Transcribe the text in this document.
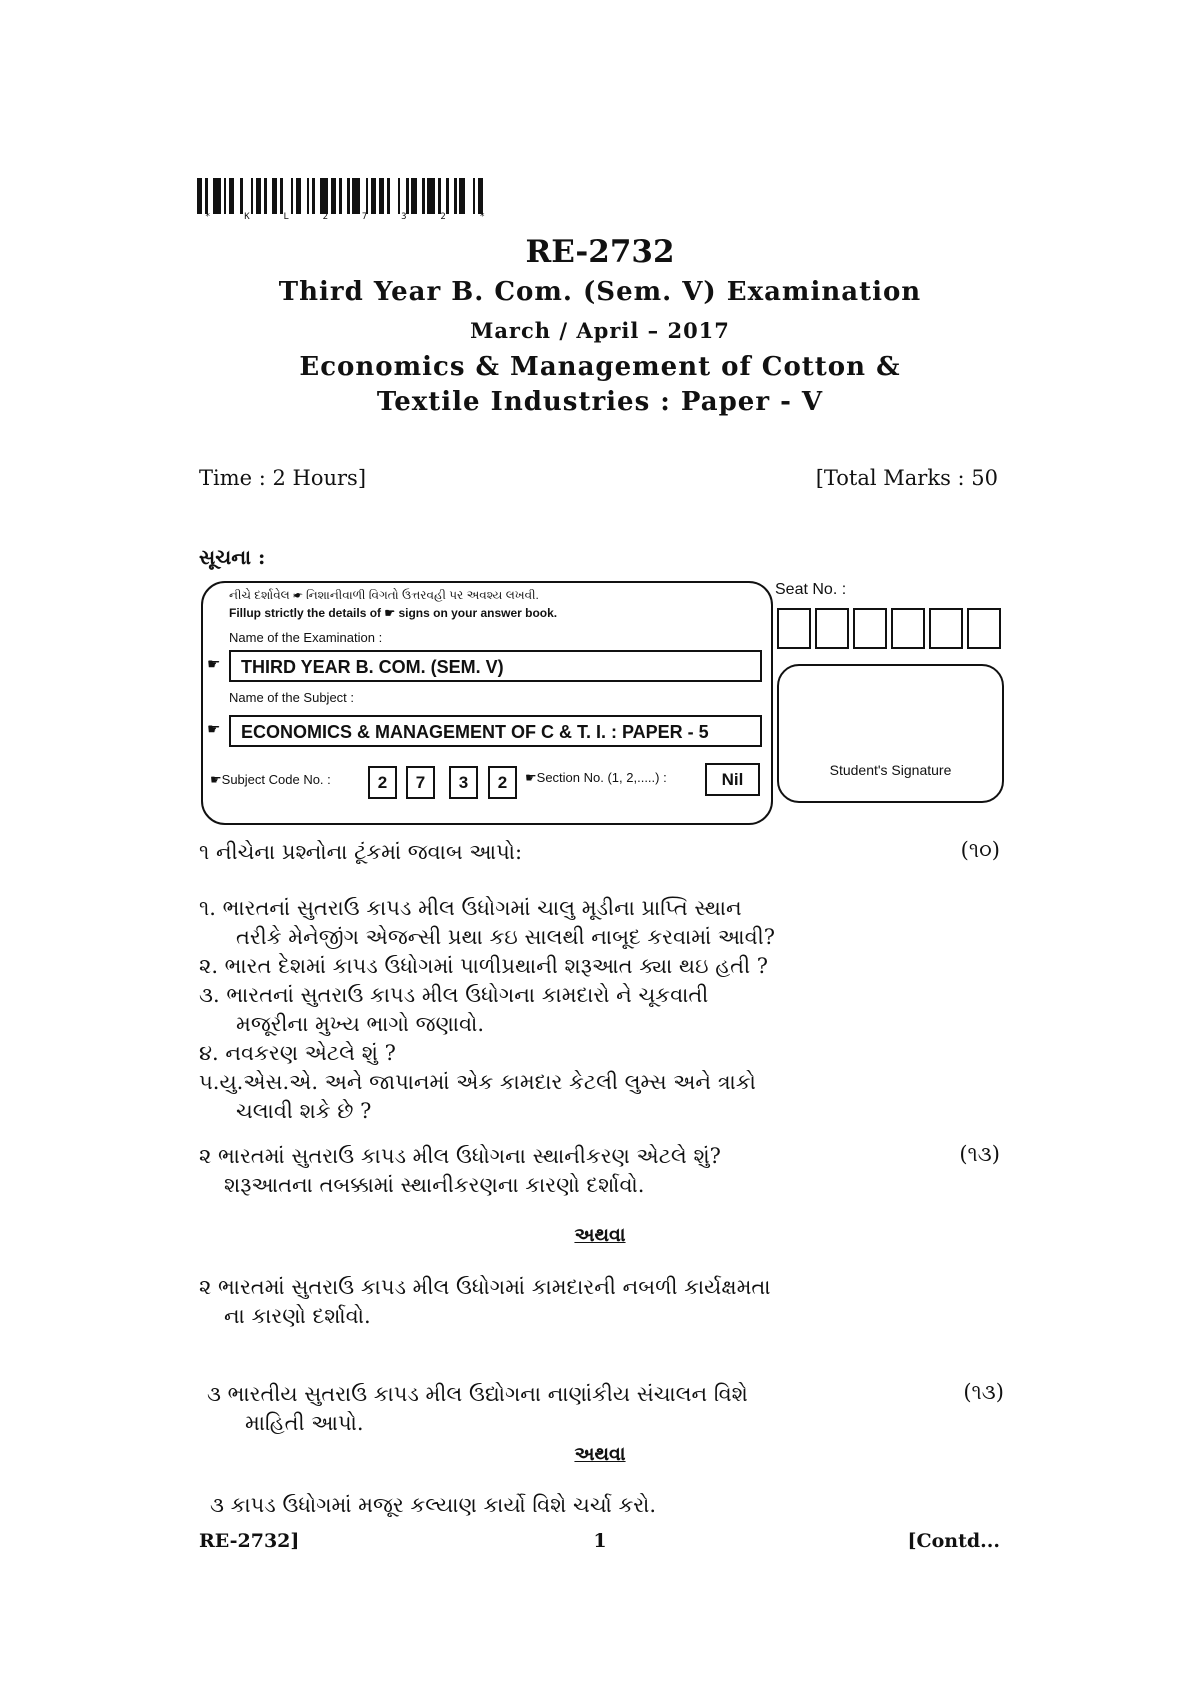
*	K	L	2	7	3	2	*
RE-2732
Third Year B. Com. (Sem. V) Examination
March / April – 2017
Economics & Management of Cotton &
Textile Industries : Paper - V
Time : 2 Hours]	[Total Marks : 50
સૂચના :
નીચે દર્શાવેલ ☛ નિશાનીવાળી વિગતો ઉત્તરવહી પર અવશ્ય લખવી.
Fillup strictly the details of ☛ signs on your answer book.
Name of the Examination :
☛	THIRD YEAR B. COM. (SEM. V)
Name of the Subject :
☛	ECONOMICS & MANAGEMENT OF C & T. I. : PAPER - 5
☛Subject Code No. :	2	7	3	2	☛Section No. (1, 2,.....) :	Nil
Seat No. :
Student's Signature
૧ નીચેના પ્રશ્નોના ટૂંકમાં જવાબ આપો:	(૧૦)
૧. ભારતનાં સુતરાઉ કાપડ મીલ ઉધોગમાં ચાલુ મૂડીના પ્રાપ્તિ સ્થાન
તરીકે મેનેજીંગ એજન્સી પ્રથા કઇ સાલથી નાબૂદ કરવામાં આવી?
૨. ભારત દેશમાં કાપડ ઉધોગમાં પાળીપ્રથાની શરૂઆત ક્યા થઇ હતી ?
૩. ભારતનાં સુતરાઉ કાપડ મીલ ઉધોગના કામદારો ને ચૂકવાતી
મજૂરીના મુખ્ય ભાગો જણાવો.
૪. નવકરણ એટલે શું ?
૫.યુ.એસ.એ. અને જાપાનમાં એક કામદાર કેટલી લુમ્સ અને ત્રાકો
ચલાવી શકે છે ?
૨ ભારતમાં સુતરાઉ કાપડ મીલ ઉધોગના સ્થાનીકરણ એટલે શું?	(૧૩)
શરૂઆતના તબક્કામાં સ્થાનીકરણના કારણો દર્શાવો.
અથવા
૨ ભારતમાં સુતરાઉ કાપડ મીલ ઉધોગમાં કામદારની નબળી કાર્યક્ષમતા
ના કારણો દર્શાવો.
૩ ભારતીય સુતરાઉ કાપડ મીલ ઉદ્યોગના નાણાંકીય સંચાલન વિશે	(૧૩)
માહિતી આપો.
અથવા
૩ કાપડ ઉધોગમાં મજૂર કલ્યાણ કાર્યો વિશે ચર્ચા કરો.
RE-2732]	1	[Contd...
